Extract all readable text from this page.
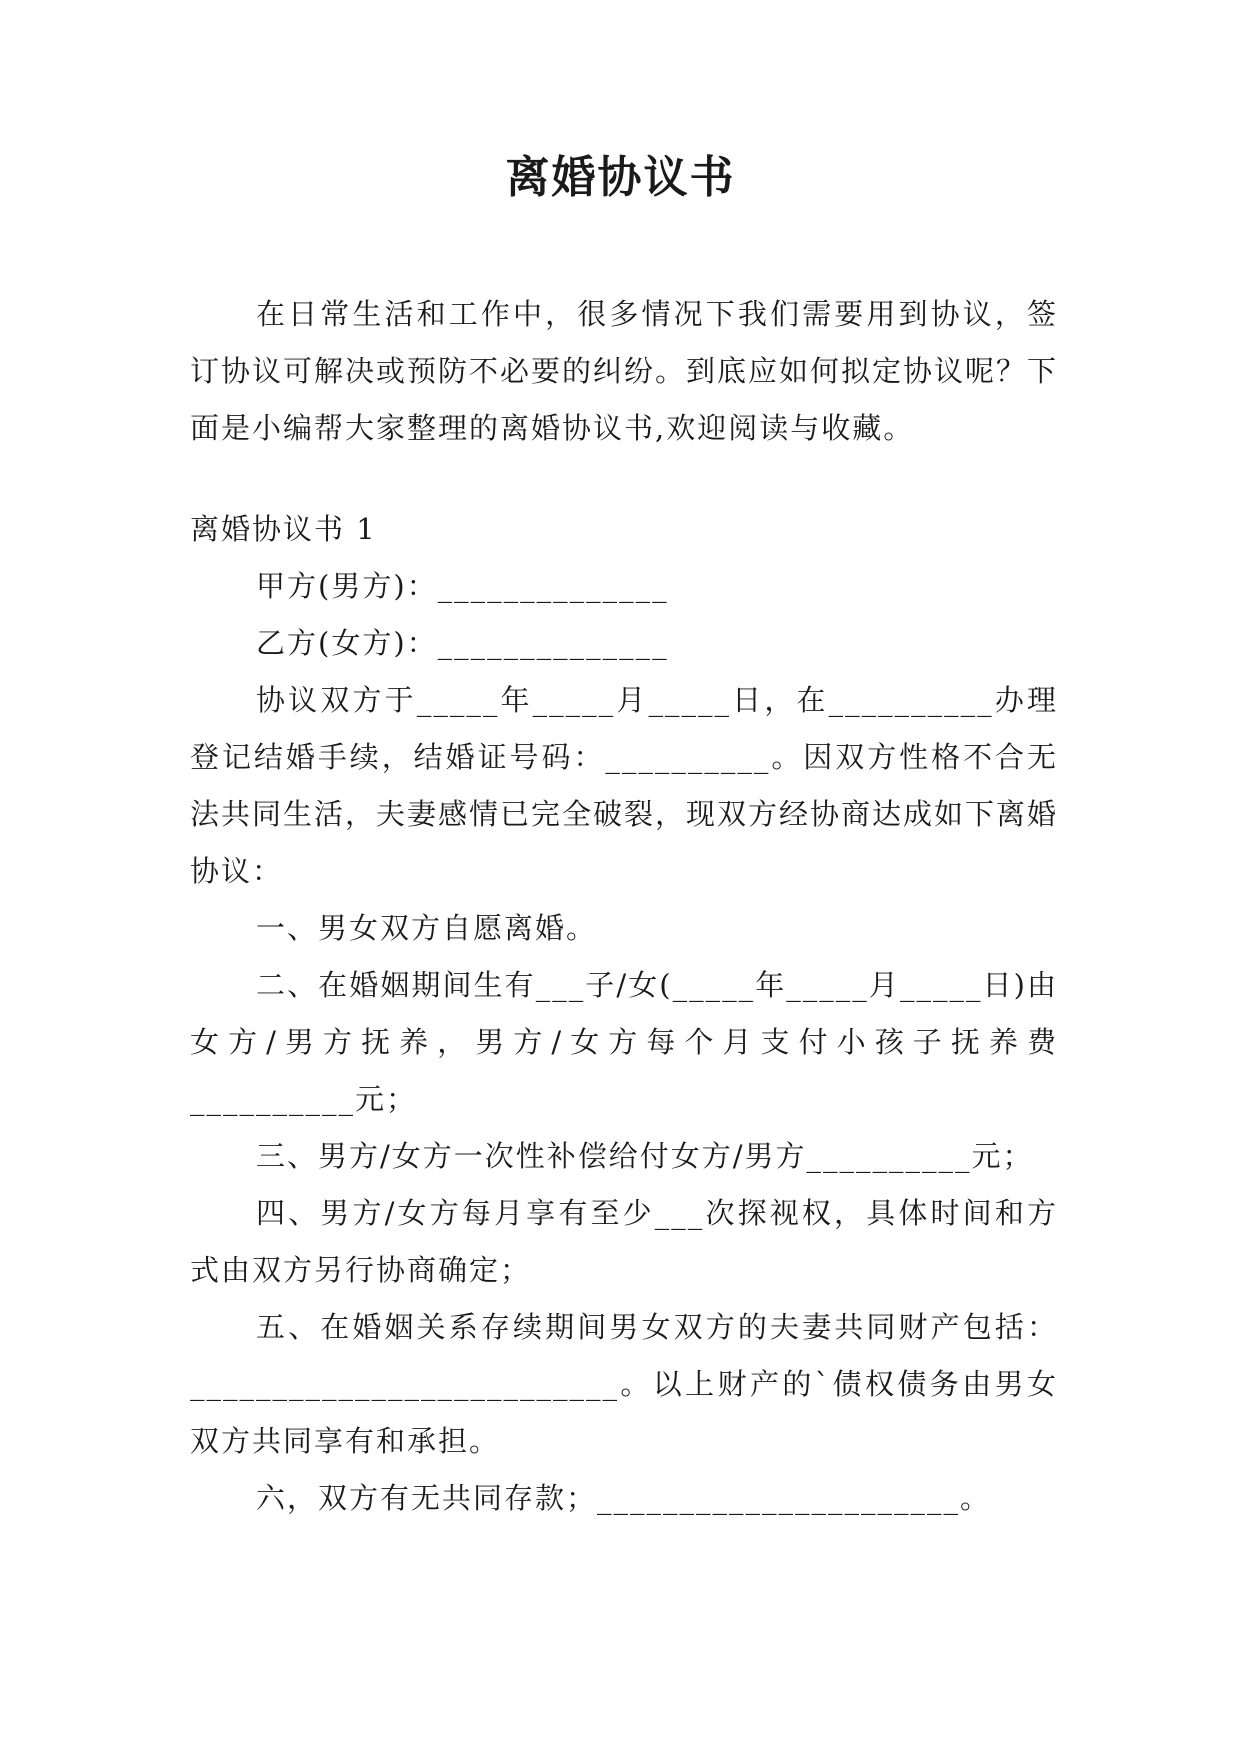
离婚协议书

在日常生活和工作中，很多情况下我们需要用到协议，签订协议可解决或预防不必要的纠纷。到底应如何拟定协议呢？下面是小编帮大家整理的离婚协议书,欢迎阅读与收藏。

离婚协议书 1

甲方(男方)：______________

乙方(女方)：______________

协议双方于_____年_____月_____日，在__________办理登记结婚手续，结婚证号码：__________。因双方性格不合无法共同生活，夫妻感情已完全破裂，现双方经协商达成如下离婚协议：

一、男女双方自愿离婚。

二、在婚姻期间生有___子/女(_____年_____月_____日)由女方/男方抚养，男方/女方每个月支付小孩子抚养费__________元；

三、男方/女方一次性补偿给付女方/男方__________元；

四、男方/女方每月享有至少___次探视权，具体时间和方式由双方另行协商确定；

五、在婚姻关系存续期间男女双方的夫妻共同财产包括：__________________________。以上财产的`债权债务由男女双方共同享有和承担。

六，双方有无共同存款；______________________。
